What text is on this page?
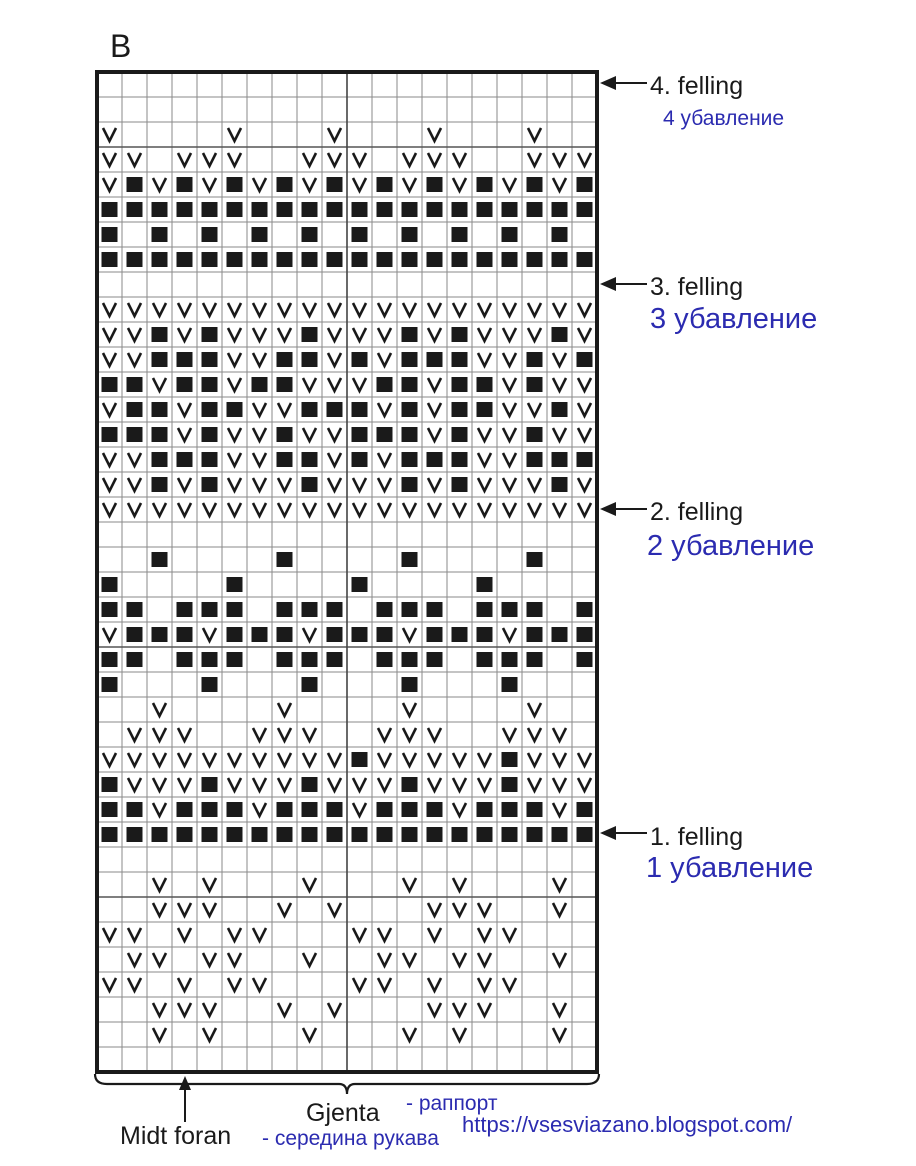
B
4. felling
4 убавление
3. felling
3 убавление
2. felling
2 убавление
1. felling
1 убавление
Gjenta - раппорт
Midt foran - середина рукава
https://vsesviazano.blogspot.com/
